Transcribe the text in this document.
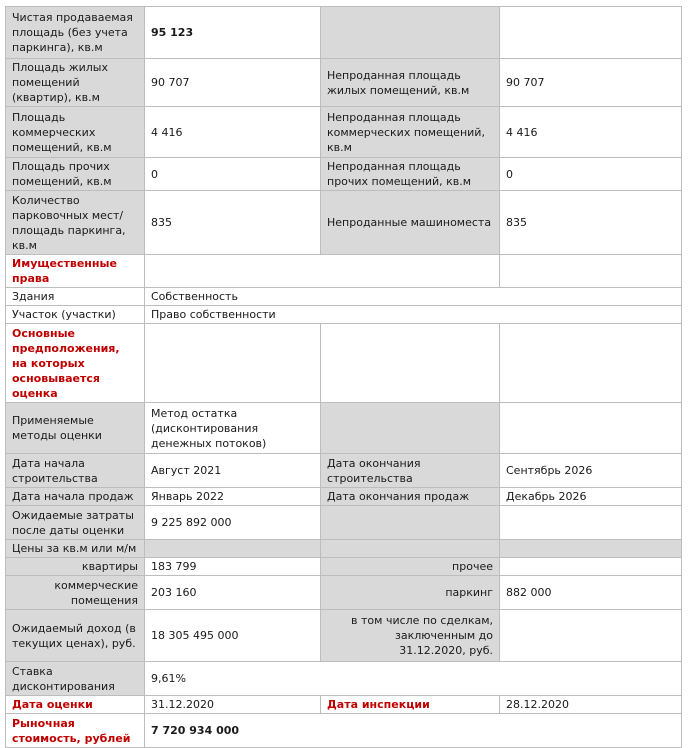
Чистая продаваемая площадь (без учета паркинга), кв.м	95 123		
Площадь жилых помещений (квартир), кв.м	90 707	Непроданная площадь жилых помещений, кв.м	90 707
Площадь коммерческих помещений, кв.м	4 416	Непроданная площадь коммерческих помещений, кв.м	4 416
Площадь прочих помещений, кв.м	0	Непроданная площадь прочих помещений, кв.м	0
Количество парковочных мест/площадь паркинга, кв.м	835	Непроданные машиноместа	835
Имущественные права			
Здания	Собственность		
Участок (участки)	Право собственности		
Основные предположения, на которых основывается оценка			
Применяемые методы оценки	Метод остатка (дисконтирования денежных потоков)		
Дата начала строительства	Август 2021	Дата окончания строительства	Сентябрь 2026
Дата начала продаж	Январь 2022	Дата окончания продаж	Декабрь 2026
Ожидаемые затраты после даты оценки	9 225 892 000		
Цены за кв.м или м/м			
квартиры	183 799	прочее	
коммерческие помещения	203 160	паркинг	882 000
Ожидаемый доход (в текущих ценах), руб.	18 305 495 000	в том числе по сделкам, заключенным до 31.12.2020, руб.	
Ставка дисконтирования	9,61%		
Дата оценки	31.12.2020	Дата инспекции	28.12.2020
Рыночная стоимость, рублей	7 720 934 000		
